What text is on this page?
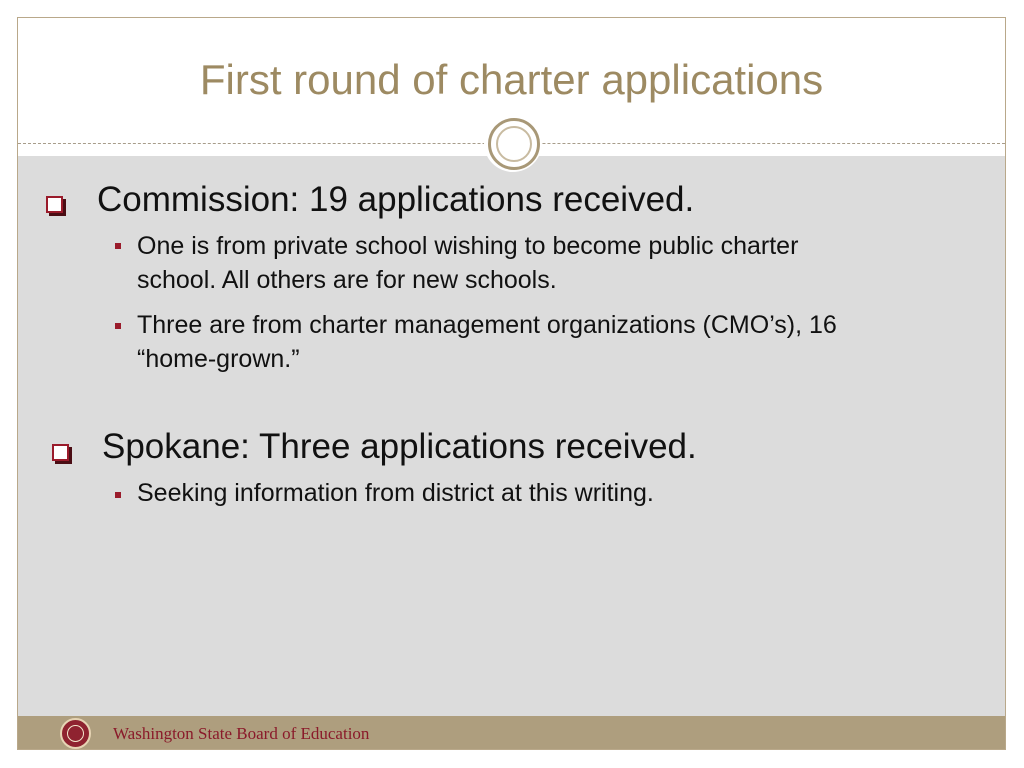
First round of charter applications
Commission: 19 applications received.
One is from private school wishing to become public charter
school. All others are for new schools.
Three are from charter management organizations (CMO’s), 16
“home-grown.”
Spokane: Three applications received.
Seeking information from district at this writing.
Washington State Board of Education
